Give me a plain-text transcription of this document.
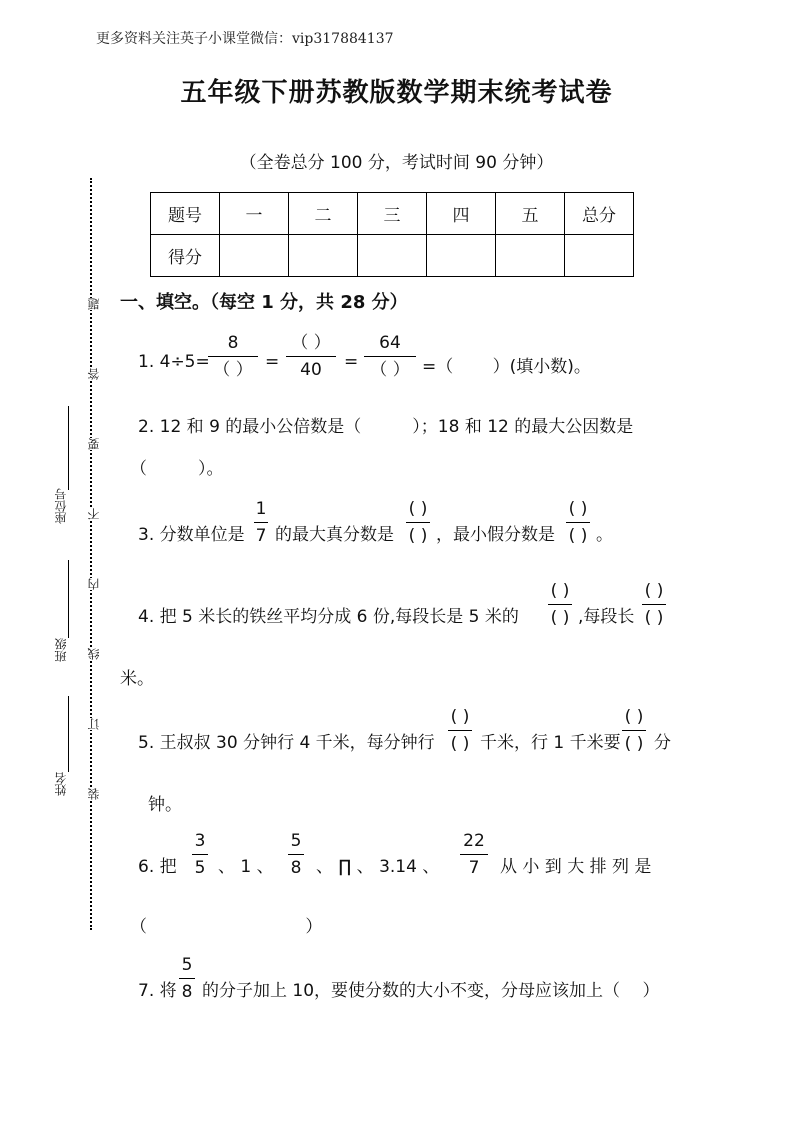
更多资料关注英子小课堂微信：vip317884137
五年级下册苏教版数学期末统考试卷
（全卷总分 100 分，考试时间 90 分钟）
题号	一	二	三	四	五	总分
得分						
题
答
要
不
内
线
订
装
座位号
班级
姓名
一、填空。（每空 1 分，共 28 分）
1. 4÷5=
8
（ ） =
（ ）
40	=
64
（ ） =（　　 ）(填小数)。
2. 12 和 9 的最小公倍数是（　　　）；18 和 12 的最大公因数是
（　　　）。
3. 分数单位是
1
7 的最大真分数是
( )
( ) ，最小假分数是
( )
( ) 。
4. 把 5 米长的铁丝平均分成 6 份,每段长是 5 米的
( )
( ) ,每段长
( )
( )
米。
5. 王叔叔 30 分钟行 4 千米，每分钟行
( )
( ) 千米，行 1 千米要
( )
( ) 分
钟。
6. 把
3
5 、 1 、
5
8 、 ∏ 、 3.14 、
22
7	从 小 到 大 排 列 是
（　　　　　　　　　 ）
7. 将
5
8 的分子加上 10，要使分数的大小不变，分母应该加上（　 ）
